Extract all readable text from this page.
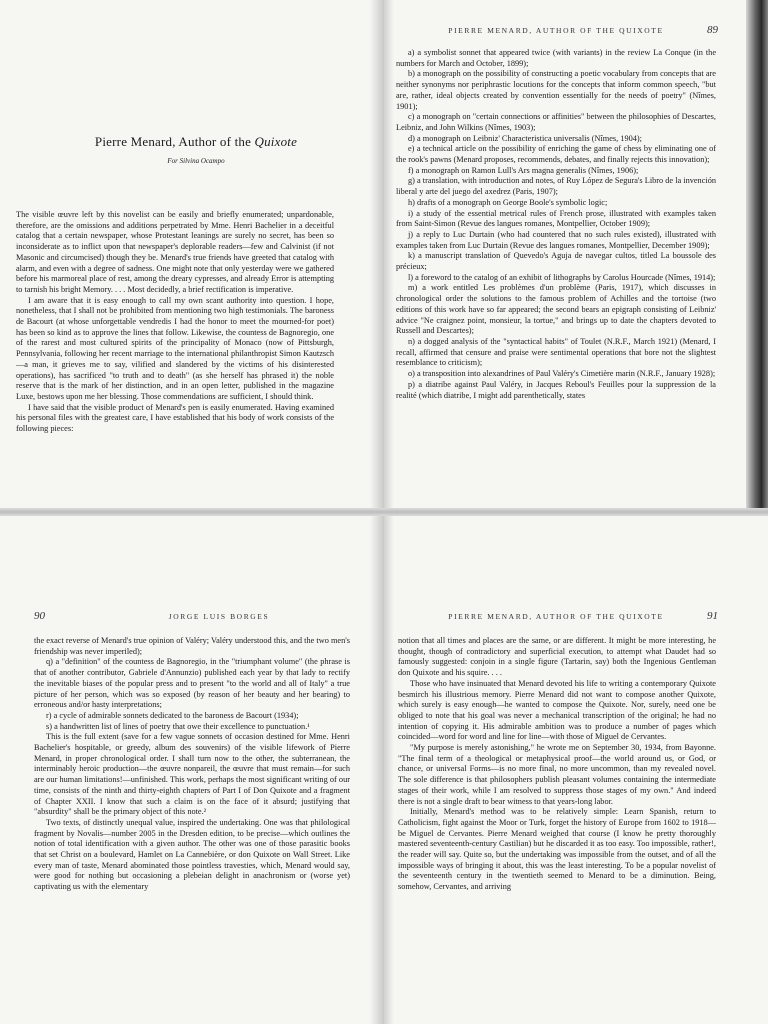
Pierre Menard, Author of the Quixote
For Silvina Ocampo

The visible œuvre left by this novelist can be easily and briefly enumerated; unpardonable, therefore, are the omissions and additions perpetrated by Mme. Henri Bachelier in a deceitful catalog that a certain newspaper, whose Protestant leanings are surely no secret, has been so inconsiderate as to inflict upon that newspaper's deplorable readers—few and Calvinist (if not Masonic and circumcised) though they be. Menard's true friends have greeted that catalog with alarm, and even with a degree of sadness. One might note that only yesterday were we gathered before his marmoreal place of rest, among the dreary cypresses, and already Error is attempting to tarnish his bright Memory. . . . Most decidedly, a brief rectification is imperative.

I am aware that it is easy enough to call my own scant authority into question. I hope, nonetheless, that I shall not be prohibited from mentioning two high testimonials. The baroness de Bacourt (at whose unforgettable vendredis I had the honor to meet the mourned-for poet) has been so kind as to approve the lines that follow. Likewise, the countess de Bagnoregio, one of the rarest and most cultured spirits of the principality of Monaco (now of Pittsburgh, Pennsylvania, following her recent marriage to the international philanthropist Simon Kautzsch—a man, it grieves me to say, vilified and slandered by the victims of his disinterested operations), has sacrificed "to truth and to death" (as she herself has phrased it) the noble reserve that is the mark of her distinction, and in an open letter, published in the magazine Luxe, bestows upon me her blessing. Those commendations are sufficient, I should think.

I have said that the visible product of Menard's pen is easily enumerated. Having examined his personal files with the greatest care, I have established that his body of work consists of the following pieces:

PIERRE MENARD, AUTHOR OF THE QUIXOTE	89

a) a symbolist sonnet that appeared twice (with variants) in the review La Conque (in the numbers for March and October, 1899);

b) a monograph on the possibility of constructing a poetic vocabulary from concepts that are neither synonyms nor periphrastic locutions for the concepts that inform common speech, "but are, rather, ideal objects created by convention essentially for the needs of poetry" (Nîmes, 1901);

c) a monograph on "certain connections or affinities" between the philosophies of Descartes, Leibniz, and John Wilkins (Nîmes, 1903);

d) a monograph on Leibniz' Characteristica universalis (Nîmes, 1904);

e) a technical article on the possibility of enriching the game of chess by eliminating one of the rook's pawns (Menard proposes, recommends, debates, and finally rejects this innovation);

f) a monograph on Ramon Lull's Ars magna generalis (Nîmes, 1906);

g) a translation, with introduction and notes, of Ruy López de Segura's Libro de la invención liberal y arte del juego del axedrez (Paris, 1907);

h) drafts of a monograph on George Boole's symbolic logic;

i) a study of the essential metrical rules of French prose, illustrated with examples taken from Saint-Simon (Revue des langues romanes, Montpellier, October 1909);

j) a reply to Luc Durtain (who had countered that no such rules existed), illustrated with examples taken from Luc Durtain (Revue des langues romanes, Montpellier, December 1909);

k) a manuscript translation of Quevedo's Aguja de navegar cultos, titled La boussole des précieux;

l) a foreword to the catalog of an exhibit of lithographs by Carolus Hourcade (Nîmes, 1914);

m) a work entitled Les problèmes d'un problème (Paris, 1917), which discusses in chronological order the solutions to the famous problem of Achilles and the tortoise (two editions of this work have so far appeared; the second bears an epigraph consisting of Leibniz' advice "Ne craignez point, monsieur, la tortue," and brings up to date the chapters devoted to Russell and Descartes);

n) a dogged analysis of the "syntactical habits" of Toulet (N.R.F., March 1921) (Menard, I recall, affirmed that censure and praise were sentimental operations that bore not the slightest resemblance to criticism);

o) a transposition into alexandrines of Paul Valéry's Cimetière marin (N.R.F., January 1928);

p) a diatribe against Paul Valéry, in Jacques Reboul's Feuilles pour la suppression de la realité (which diatribe, I might add parenthetically, states

90	JORGE LUIS BORGES

the exact reverse of Menard's true opinion of Valéry; Valéry understood this, and the two men's friendship was never imperiled);

q) a "definition" of the countess de Bagnoregio, in the "triumphant volume" (the phrase is that of another contributor, Gabriele d'Annunzio) published each year by that lady to rectify the inevitable biases of the popular press and to present "to the world and all of Italy" a true picture of her person, which was so exposed (by reason of her beauty and her bearing) to erroneous and/or hasty interpretations;

r) a cycle of admirable sonnets dedicated to the baroness de Bacourt (1934);

s) a handwritten list of lines of poetry that owe their excellence to punctuation.¹

This is the full extent (save for a few vague sonnets of occasion destined for Mme. Henri Bachelier's hospitable, or greedy, album des souvenirs) of the visible lifework of Pierre Menard, in proper chronological order. I shall turn now to the other, the subterranean, the interminably heroic production—the œuvre nonpareil, the œuvre that must remain—for such are our human limitations!—unfinished. This work, perhaps the most significant writing of our time, consists of the ninth and thirty-eighth chapters of Part I of Don Quixote and a fragment of Chapter XXII. I know that such a claim is on the face of it absurd; justifying that "absurdity" shall be the primary object of this note.²

Two texts, of distinctly unequal value, inspired the undertaking. One was that philological fragment by Novalis—number 2005 in the Dresden edition, to be precise—which outlines the notion of total identification with a given author. The other was one of those parasitic books that set Christ on a boulevard, Hamlet on La Cannebière, or don Quixote on Wall Street. Like every man of taste, Menard abominated those pointless travesties, which, Menard would say, were good for nothing but occasioning a plebeian delight in anachronism or (worse yet) captivating us with the elementary

PIERRE MENARD, AUTHOR OF THE QUIXOTE	91

notion that all times and places are the same, or are different. It might be more interesting, he thought, though of contradictory and superficial execution, to attempt what Daudet had so famously suggested: conjoin in a single figure (Tartarin, say) both the Ingenious Gentleman don Quixote and his squire. . . .

Those who have insinuated that Menard devoted his life to writing a contemporary Quixote besmirch his illustrious memory. Pierre Menard did not want to compose another Quixote, which surely is easy enough—he wanted to compose the Quixote. Nor, surely, need one be obliged to note that his goal was never a mechanical transcription of the original; he had no intention of copying it. His admirable ambition was to produce a number of pages which coincided—word for word and line for line—with those of Miguel de Cervantes.

"My purpose is merely astonishing," he wrote me on September 30, 1934, from Bayonne. "The final term of a theological or metaphysical proof—the world around us, or God, or chance, or universal Forms—is no more final, no more uncommon, than my revealed novel. The sole difference is that philosophers publish pleasant volumes containing the intermediate stages of their work, while I am resolved to suppress those stages of my own." And indeed there is not a single draft to bear witness to that years-long labor.

Initially, Menard's method was to be relatively simple: Learn Spanish, return to Catholicism, fight against the Moor or Turk, forget the history of Europe from 1602 to 1918—be Miguel de Cervantes. Pierre Menard weighed that course (I know he pretty thoroughly mastered seventeenth-century Castilian) but he discarded it as too easy. Too impossible, rather!, the reader will say. Quite so, but the undertaking was impossible from the outset, and of all the impossible ways of bringing it about, this was the least interesting. To be a popular novelist of the seventeenth century in the twentieth seemed to Menard to be a diminution. Being, somehow, Cervantes, and arriving
